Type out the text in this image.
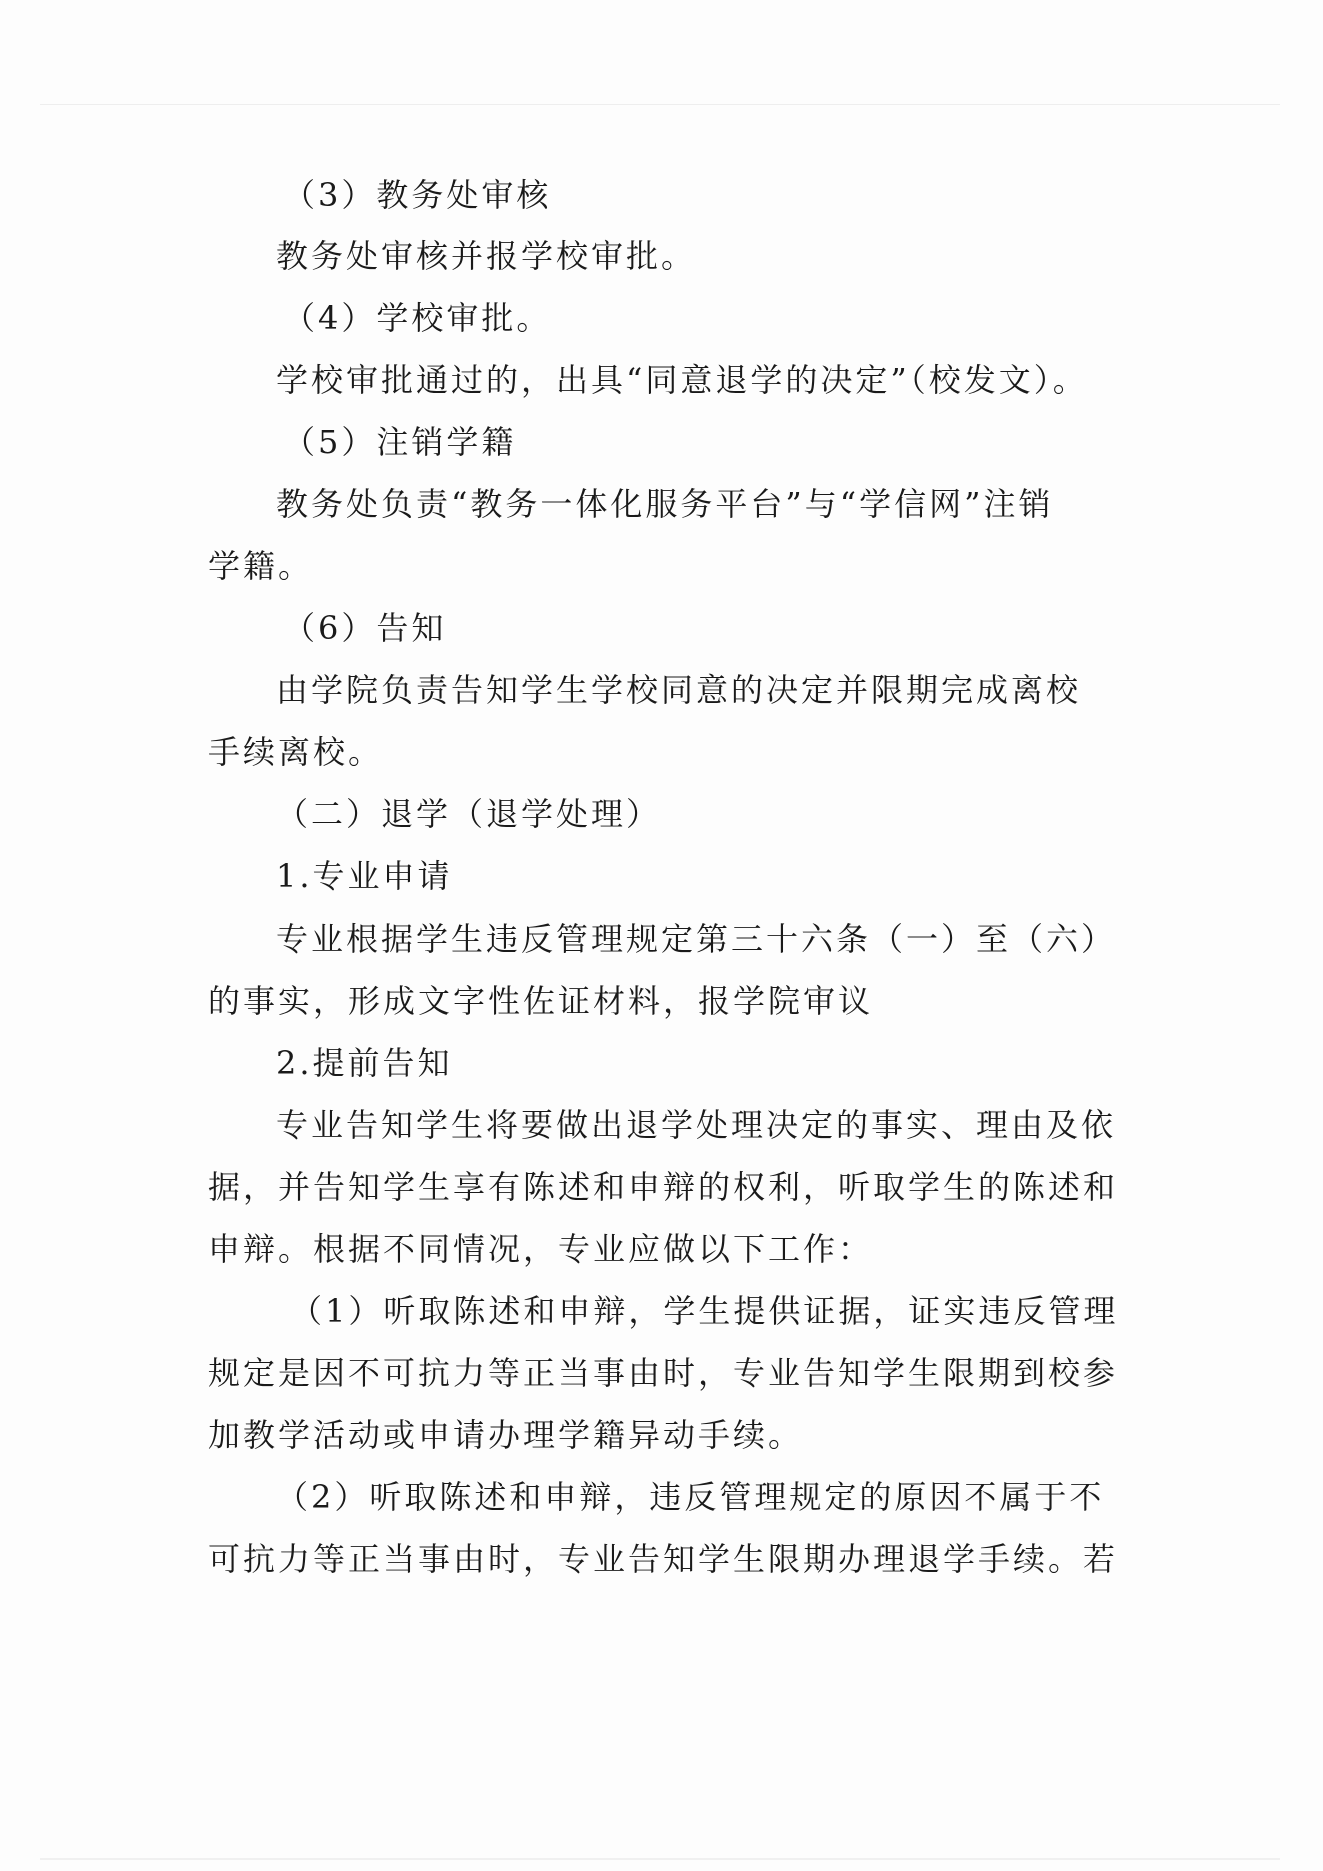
（3）教务处审核

教务处审核并报学校审批。

（4）学校审批。

学校审批通过的，出具“同意退学的决定”（校发文）。

（5）注销学籍

教务处负责“教务一体化服务平台”与“学信网”注销

学籍。

（6）告知

由学院负责告知学生学校同意的决定并限期完成离校

手续离校。

（二）退学（退学处理）

1.专业申请

专业根据学生违反管理规定第三十六条（一）至（六）

的事实，形成文字性佐证材料，报学院审议

2.提前告知

专业告知学生将要做出退学处理决定的事实、理由及依

据，并告知学生享有陈述和申辩的权利，听取学生的陈述和

申辩。根据不同情况，专业应做以下工作：

（1）听取陈述和申辩，学生提供证据，证实违反管理

规定是因不可抗力等正当事由时，专业告知学生限期到校参

加教学活动或申请办理学籍异动手续。

（2）听取陈述和申辩，违反管理规定的原因不属于不

可抗力等正当事由时，专业告知学生限期办理退学手续。若
